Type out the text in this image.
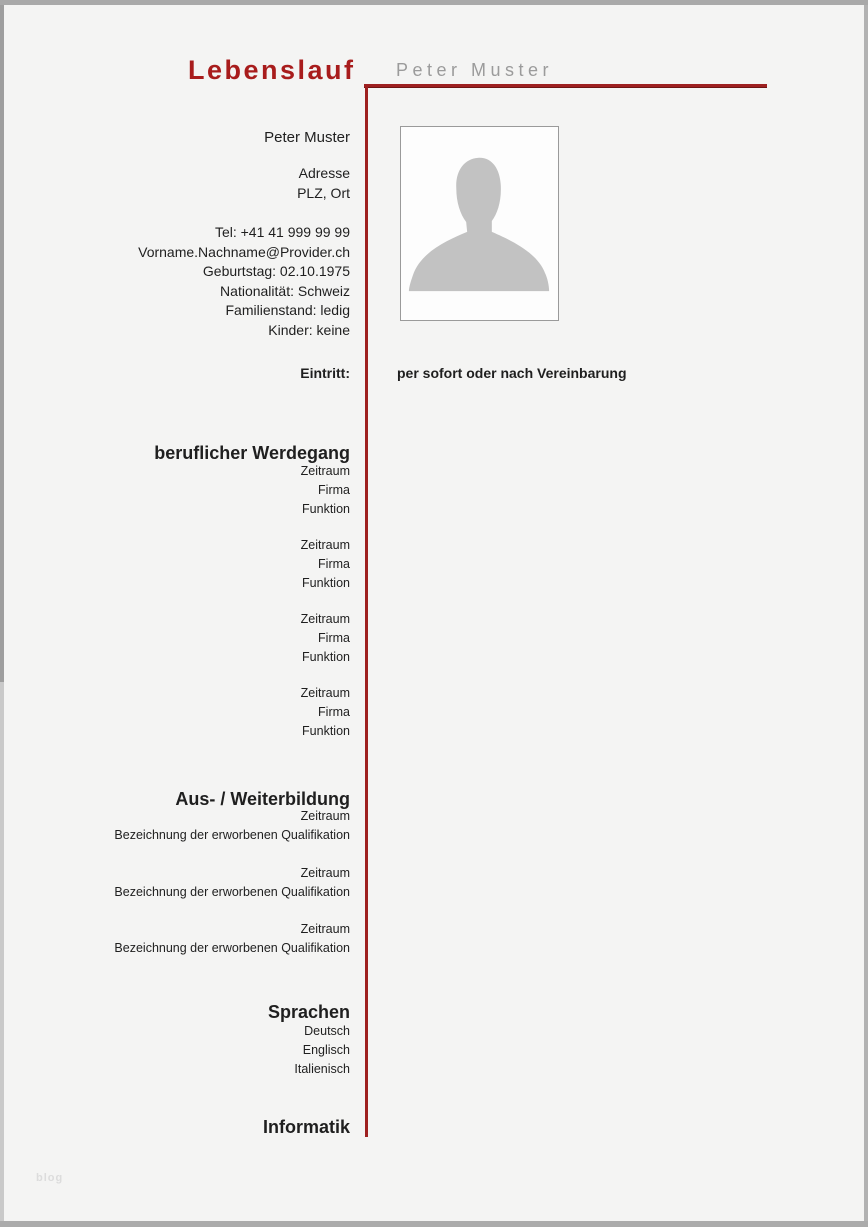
Lebenslauf Peter Muster
Peter Muster
Adresse
PLZ, Ort
Tel: +41 41 999 99 99
Vorname.Nachname@Provider.ch
Geburtstag: 02.10.1975
Nationalität: Schweiz
Familienstand: ledig
Kinder: keine
Eintritt:	per sofort oder nach Vereinbarung
beruflicher Werdegang
Zeitraum
Firma
Funktion
Zeitraum
Firma
Funktion
Zeitraum
Firma
Funktion
Zeitraum
Firma
Funktion
Aus- / Weiterbildung
Zeitraum
Bezeichnung der erworbenen Qualifikation
Zeitraum
Bezeichnung der erworbenen Qualifikation
Zeitraum
Bezeichnung der erworbenen Qualifikation
Sprachen
Deutsch
Englisch
Italienisch
Informatik
blog
